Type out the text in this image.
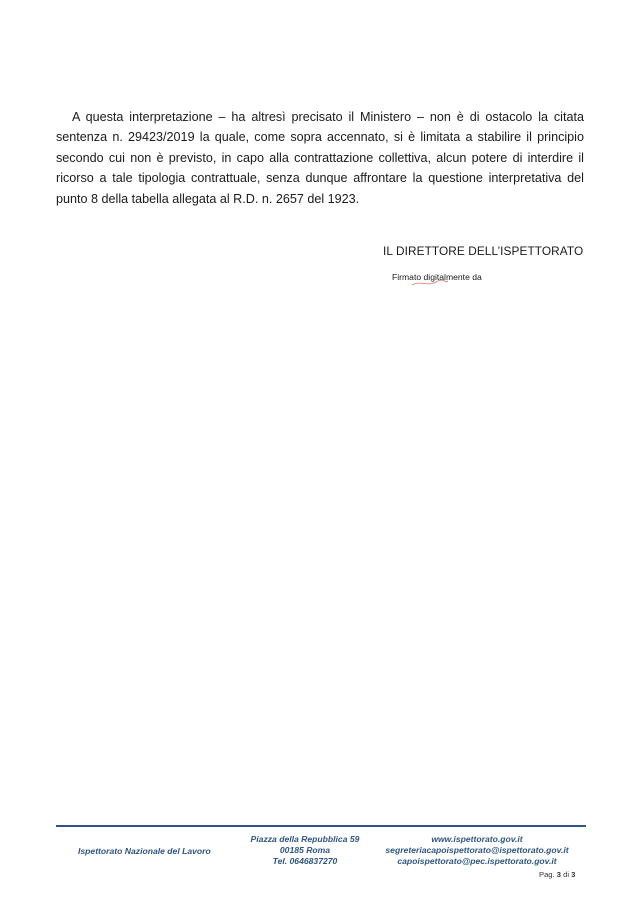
A questa interpretazione – ha altresì precisato il Ministero – non è di ostacolo la citata sentenza n. 29423/2019 la quale, come sopra accennato, si è limitata a stabilire il principio secondo cui non è previsto, in capo alla contrattazione collettiva, alcun potere di interdire il ricorso a tale tipologia contrattuale, senza dunque affrontare la questione interpretativa del punto 8 della tabella allegata al R.D. n. 2657 del 1923.

IL DIRETTORE DELL’ISPETTORATO
Firmato digitalmente da
Ispettorato Nazionale del Lavoro
Piazza della Repubblica 59
00185 Roma
Tel. 0646837270
www.ispettorato.gov.it
segreteriacapoispettorato@ispettorato.gov.it
capoispettorato@pec.ispettorato.gov.it
Pag. 3 di 3
